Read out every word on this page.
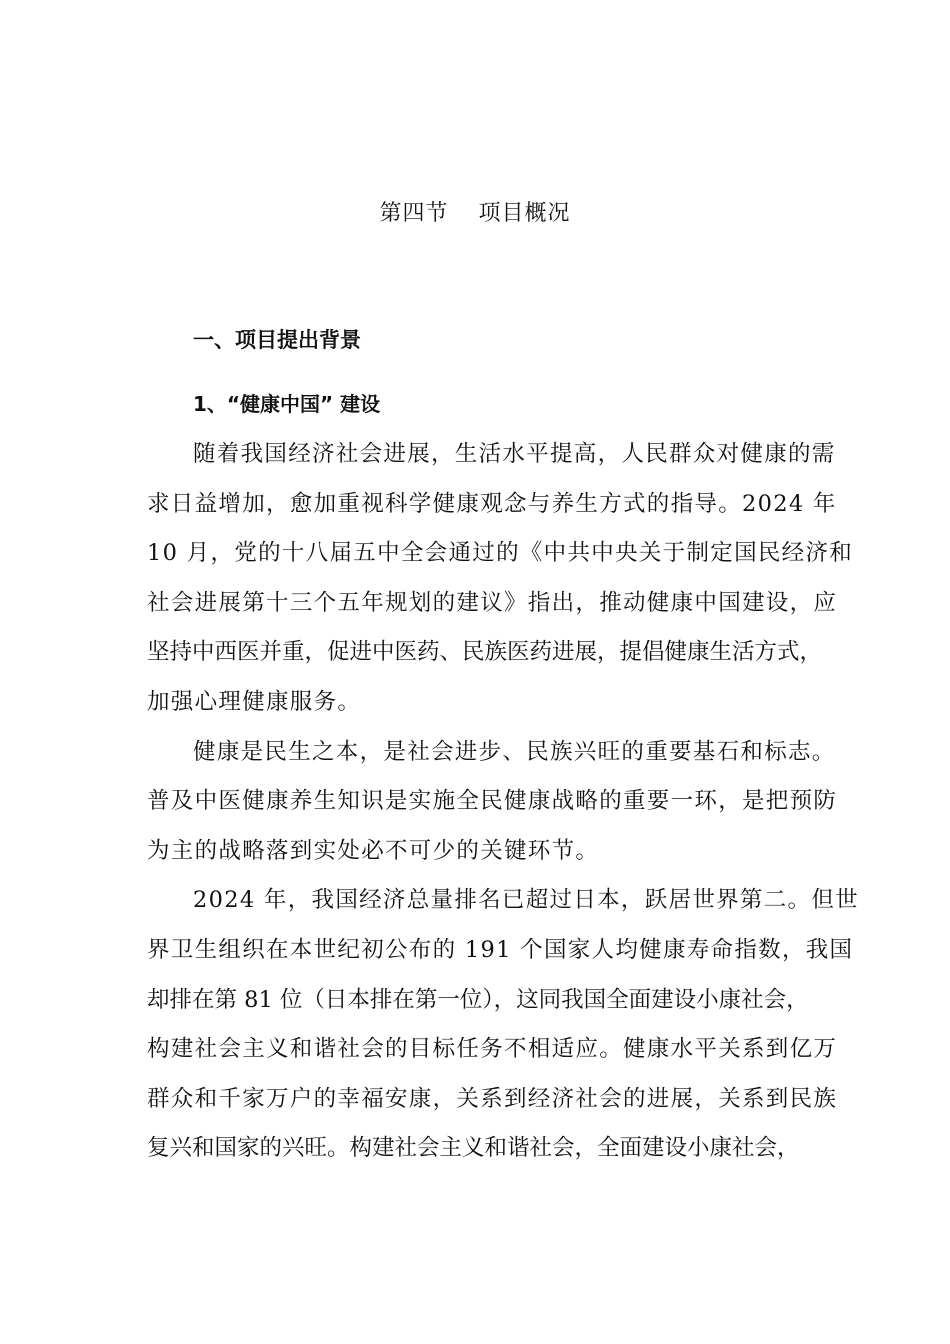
第四节 项目概况
一、项目提出背景
1、“健康中国” 建设
随着我国经济社会进展，生活水平提高，人民群众对健康的需
求日益增加，愈加重视科学健康观念与养生方式的指导。2024 年
10 月，党的十八届五中全会通过的《中共中央关于制定国民经济和
社会进展第十三个五年规划的建议》指出，推动健康中国建设，应
坚持中西医并重，促进中医药、民族医药进展，提倡健康生活方式，
加强心理健康服务。
健康是民生之本，是社会进步、民族兴旺的重要基石和标志。
普及中医健康养生知识是实施全民健康战略的重要一环，是把预防
为主的战略落到实处必不可少的关键环节。
2024 年，我国经济总量排名已超过日本，跃居世界第二。但世
界卫生组织在本世纪初公布的 191 个国家人均健康寿命指数，我国
却排在第 81 位（日本排在第一位），这同我国全面建设小康社会，
构建社会主义和谐社会的目标任务不相适应。健康水平关系到亿万
群众和千家万户的幸福安康，关系到经济社会的进展，关系到民族
复兴和国家的兴旺。构建社会主义和谐社会，全面建设小康社会，
